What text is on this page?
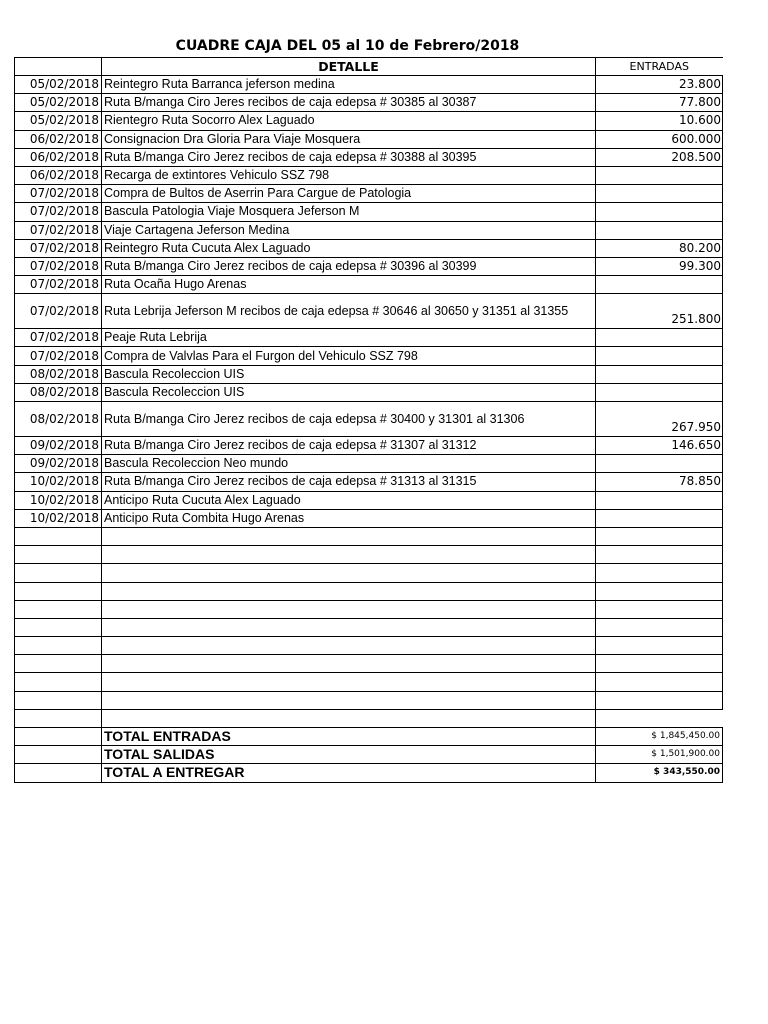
CUADRE CAJA DEL 05 al 10 de Febrero/2018
	DETALLE	ENTRADAS
05/02/2018	Reintegro Ruta Barranca jeferson medina	23.800
05/02/2018	Ruta B/manga Ciro Jeres recibos de caja edepsa # 30385 al 30387	77.800
05/02/2018	Rientegro Ruta Socorro Alex Laguado	10.600
06/02/2018	Consignacion Dra Gloria Para Viaje Mosquera	600.000
06/02/2018	Ruta B/manga Ciro Jerez recibos de caja edepsa # 30388 al 30395	208.500
06/02/2018	Recarga de extintores Vehiculo SSZ 798	
07/02/2018	Compra de Bultos de Aserrin Para Cargue de Patologia	
07/02/2018	Bascula Patologia Viaje Mosquera Jeferson M	
07/02/2018	Viaje Cartagena Jeferson Medina	
07/02/2018	Reintegro Ruta Cucuta Alex Laguado	80.200
07/02/2018	Ruta B/manga Ciro Jerez recibos de caja edepsa # 30396 al 30399	99.300
07/02/2018	Ruta Ocaña Hugo Arenas	
07/02/2018	Ruta Lebrija Jeferson M recibos de caja edepsa # 30646 al 30650 y 31351 al 31355	251.800
07/02/2018	Peaje Ruta Lebrija	
07/02/2018	Compra de Valvlas Para el Furgon del Vehiculo SSZ 798	
08/02/2018	Bascula Recoleccion UIS	
08/02/2018	Bascula Recoleccion UIS	
08/02/2018	Ruta B/manga Ciro Jerez recibos de caja edepsa # 30400 y 31301 al 31306	267.950
09/02/2018	Ruta B/manga Ciro Jerez recibos de caja edepsa # 31307 al 31312	146.650
09/02/2018	Bascula Recoleccion Neo mundo	
10/02/2018	Ruta B/manga Ciro Jerez recibos de caja edepsa # 31313 al 31315	78.850
10/02/2018	Anticipo Ruta Cucuta Alex Laguado	
10/02/2018	Anticipo Ruta Combita Hugo Arenas	

	TOTAL ENTRADAS	$ 1,845,450.00
	TOTAL SALIDAS	$ 1,501,900.00
	TOTAL A ENTREGAR	$ 343,550.00
